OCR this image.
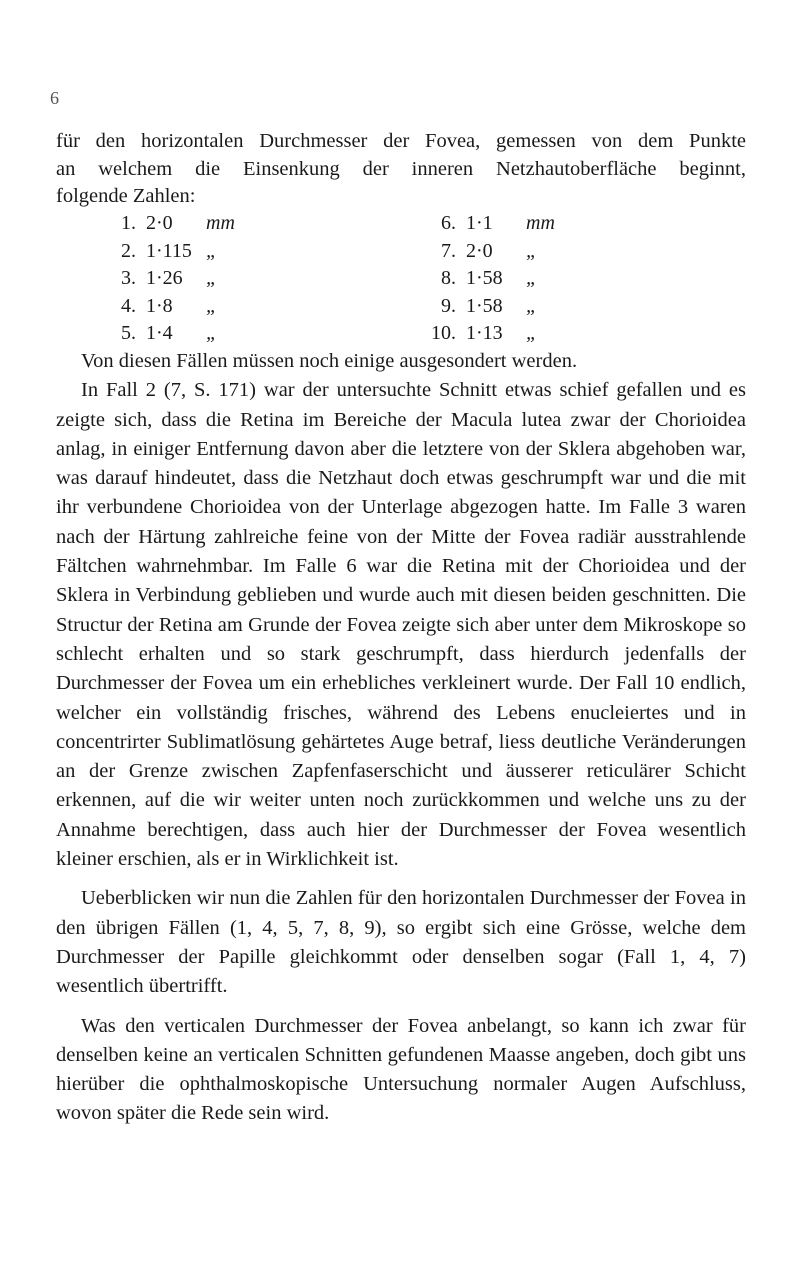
6
für den horizontalen Durchmesser der Fovea, gemessen von dem Punkte
an welchem die Einsenkung der inneren Netzhautoberfläche beginnt,
folgende Zahlen:
1. 2·0 mm	6. 1·1 mm
2. 1·115 „	7. 2·0 „
3. 1·26 „	8. 1·58 „
4. 1·8 „	9. 1·58 „
5. 1·4 „	10. 1·13 „

Von diesen Fällen müssen noch einige ausgesondert werden.

In Fall 2 (7, S. 171) war der untersuchte Schnitt etwas schief gefallen und es zeigte sich, dass die Retina im Bereiche der Macula lutea zwar der Chorioidea anlag, in einiger Entfernung davon aber die letztere von der Sklera abgehoben war, was darauf hindeutet, dass die Netzhaut doch etwas geschrumpft war und die mit ihr verbundene Chorioidea von der Unterlage abgezogen hatte. Im Falle 3 waren nach der Härtung zahlreiche feine von der Mitte der Fovea radiär ausstrahlende Fältchen wahrnehmbar. Im Falle 6 war die Retina mit der Chorioidea und der Sklera in Verbindung geblieben und wurde auch mit diesen beiden geschnitten. Die Structur der Retina am Grunde der Fovea zeigte sich aber unter dem Mikroskope so schlecht erhalten und so stark geschrumpft, dass hierdurch jedenfalls der Durchmesser der Fovea um ein erhebliches verkleinert wurde. Der Fall 10 endlich, welcher ein vollständig frisches, während des Lebens enucleiertes und in concentrirter Sublimatlösung gehärtetes Auge betraf, liess deutliche Veränderungen an der Grenze zwischen Zapfenfaserschicht und äusserer reticulärer Schicht erkennen, auf die wir weiter unten noch zurückkommen und welche uns zu der Annahme berechtigen, dass auch hier der Durchmesser der Fovea wesentlich kleiner erschien, als er in Wirklichkeit ist.

Ueberblicken wir nun die Zahlen für den horizontalen Durchmesser der Fovea in den übrigen Fällen (1, 4, 5, 7, 8, 9), so ergibt sich eine Grösse, welche dem Durchmesser der Papille gleichkommt oder denselben sogar (Fall 1, 4, 7) wesentlich übertrifft.

Was den verticalen Durchmesser der Fovea anbelangt, so kann ich zwar für denselben keine an verticalen Schnitten gefundenen Maasse angeben, doch gibt uns hierüber die ophthalmoskopische Untersuchung normaler Augen Aufschluss, wovon später die Rede sein wird.
